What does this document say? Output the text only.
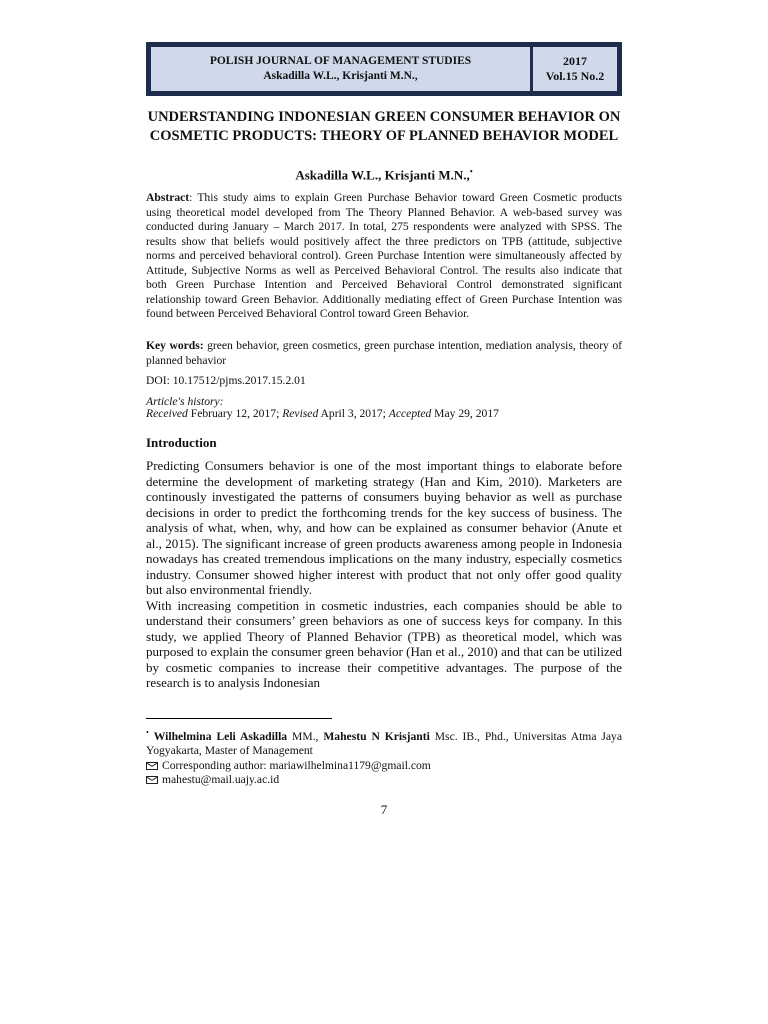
POLISH JOURNAL OF MANAGEMENT STUDIES
Askadilla W.L., Krisjanti M.N.,
2017
Vol.15 No.2
UNDERSTANDING INDONESIAN GREEN CONSUMER BEHAVIOR ON COSMETIC PRODUCTS: THEORY OF PLANNED BEHAVIOR MODEL
Askadilla W.L., Krisjanti M.N.,•
Abstract: This study aims to explain Green Purchase Behavior toward Green Cosmetic products using theoretical model developed from The Theory Planned Behavior. A web-based survey was conducted during January – March 2017. In total, 275 respondents were analyzed with SPSS. The results show that beliefs would positively affect the three predictors on TPB (attitude, subjective norms and perceived behavioral control). Green Purchase Intention were simultaneously affected by Attitude, Subjective Norms as well as Perceived Behavioral Control. The results also indicate that both Green Purchase Intention and Perceived Behavioral Control demonstrated significant relationship toward Green Behavior. Additionally mediating effect of Green Purchase Intention was found between Perceived Behavioral Control toward Green Behavior.
Key words: green behavior, green cosmetics, green purchase intention, mediation analysis, theory of planned behavior
DOI: 10.17512/pjms.2017.15.2.01
Article's history:
Received February 12, 2017; Revised April 3, 2017; Accepted May 29, 2017
Introduction

Predicting Consumers behavior is one of the most important things to elaborate before determine the development of marketing strategy (Han and Kim, 2010). Marketers are continously investigated the patterns of consumers buying behavior as well as purchase decisions in order to predict the forthcoming trends for the key success of business. The analysis of what, when, why, and how can be explained as consumer behavior (Anute et al., 2015). The significant increase of green products awareness among people in Indonesia nowadays has created tremendous implications on the many industry, especially cosmetics industry. Consumer showed higher interest with product that not only offer good quality but also environmental friendly.

With increasing competition in cosmetic industries, each companies should be able to understand their consumers’ green behaviors as one of success keys for company. In this study, we applied Theory of Planned Behavior (TPB) as theoretical model, which was purposed to explain the consumer green behavior (Han et al., 2010) and that can be utilized by cosmetic companies to increase their competitive advantages. The purpose of the research is to analysis Indonesian

• Wilhelmina Leli Askadilla MM., Mahestu N Krisjanti Msc. IB., Phd., Universitas Atma Jaya Yogyakarta, Master of Management

Corresponding author: mariawilhelmina1179@gmail.com

mahestu@mail.uajy.ac.id

7
